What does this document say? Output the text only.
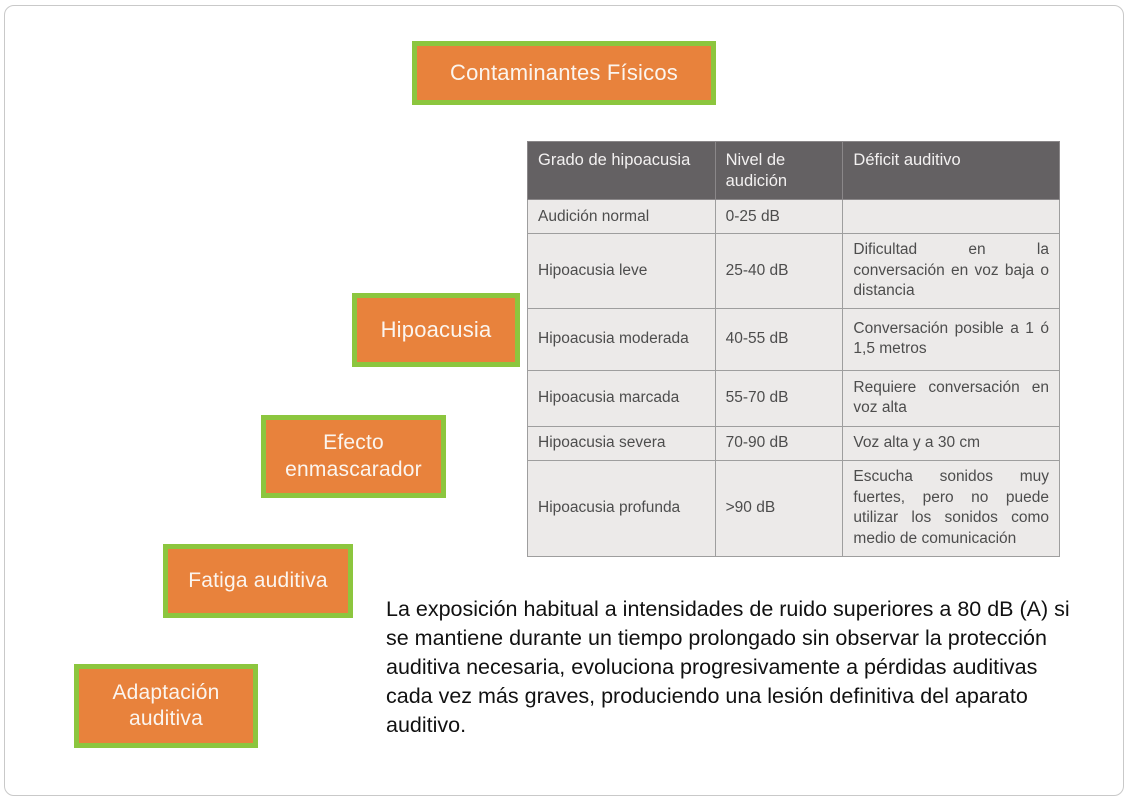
Contaminantes Físicos
Grado de hipoacusia	Nivel de audición	Déficit auditivo
Audición normal	0-25 dB	
Hipoacusia leve	25-40 dB	Dificultad en la conversación en voz baja o distancia
Hipoacusia moderada	40-55 dB	Conversación posible a 1 ó 1,5 metros
Hipoacusia marcada	55-70 dB	Requiere conversación en voz alta
Hipoacusia severa	70-90 dB	Voz alta y a 30 cm
Hipoacusia profunda	>90 dB	Escucha sonidos muy fuertes, pero no puede utilizar los sonidos como medio de comunicación
Hipoacusia
Efecto enmascarador
Fatiga auditiva
Adaptación auditiva

La exposición habitual a intensidades de ruido superiores a 80 dB (A) si se mantiene durante un tiempo prolongado sin observar la protección auditiva necesaria, evoluciona progresivamente a pérdidas auditivas cada vez más graves, produciendo una lesión definitiva del aparato auditivo.
